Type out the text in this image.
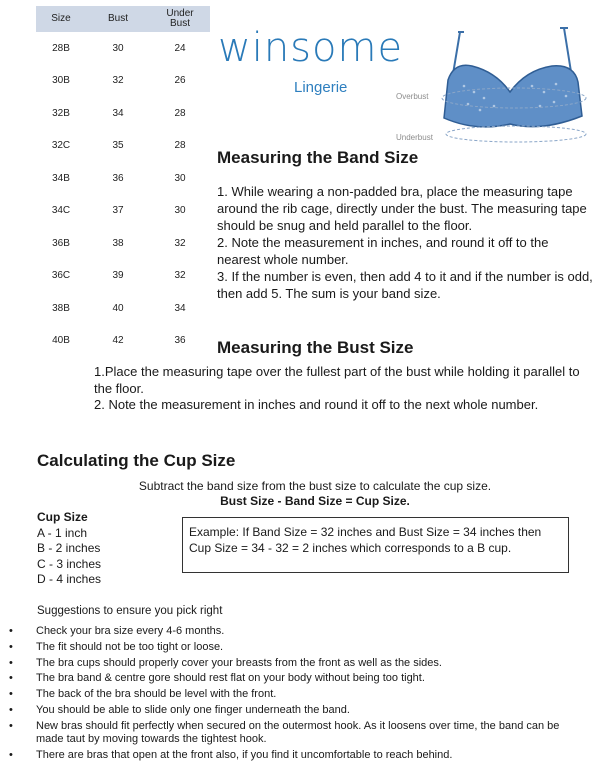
Size	Bust	Under Bust
28B	30	24
30B	32	26
32B	34	28
32C	35	28
34B	36	30
34C	37	30
36B	38	32
36C	39	32
38B	40	34
40B	42	36
winsome
Lingerie
Overbust
Underbust
Measuring the Band Size

1. While wearing a non-padded bra, place the measuring tape around the rib cage, directly under the bust. The measuring tape should be snug and held parallel to the floor.

2. Note the measurement in inches, and round it off to the nearest whole number.

3. If the number is even, then add 4 to it and if the number is odd, then add 5. The sum is your band size.

Measuring the Bust Size

1.Place the measuring tape over the fullest part of the bust while holding it parallel to the floor.

2. Note the measurement in inches and round it off to the next whole number.

Calculating the Cup Size
Subtract the band size from the bust size to calculate the cup size.
Bust Size - Band Size = Cup Size.
Cup Size
A - 1 inch
B - 2 inches
C - 3 inches
D - 4 inches
Example: If Band Size = 32 inches and Bust Size = 34 inches then Cup Size = 34 - 32 = 2 inches which corresponds to a B cup.
Suggestions to ensure you pick right
• Check your bra size every 4-6 months.
• The fit should not be too tight or loose.
• The bra cups should properly cover your breasts from the front as well as the sides.
• The bra band & centre gore should rest flat on your body without being too tight.
• The back of the bra should be level with the front.
• You should be able to slide only one finger underneath the band.
• New bras should fit perfectly when secured on the outermost hook. As it loosens over time, the band can be made taut by moving towards the tightest hook.
• There are bras that open at the front also, if you find it uncomfortable to reach behind.
